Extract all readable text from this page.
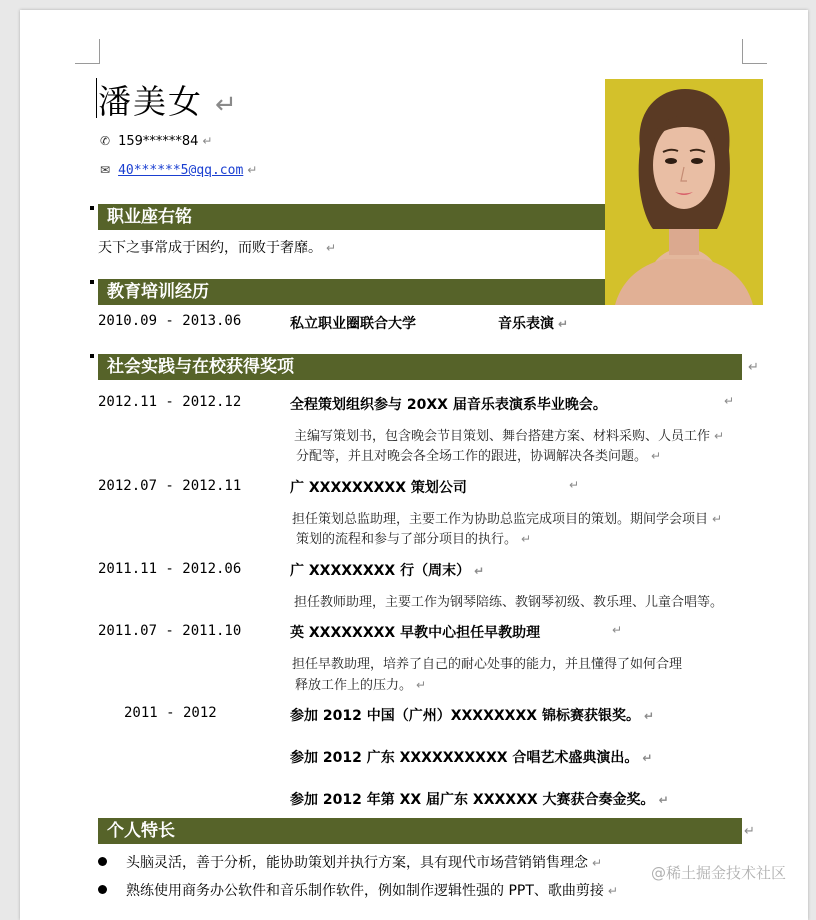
潘美女 ↵
✆ 159******84 ↵
✉ 40******5@qq.com ↵
职业座右铭
天下之事常成于困约，而败于奢靡。 ↵
教育培训经历
2010.09 - 2013.06	私立职业圈联合大学	音乐表演 ↵
社会实践与在校获得奖项	↵
2012.11 - 2012.12	全程策划组织参与 20XX 届音乐表演系毕业晚会。	↵
主编写策划书，包含晚会节目策划、舞台搭建方案、材料采购、人员工作 ↵
分配等，并且对晚会各全场工作的跟进，协调解决各类问题。 ↵
2012.07 - 2012.11	广 XXXXXXXXX 策划公司	↵
担任策划总监助理，主要工作为协助总监完成项目的策划。期间学会项目 ↵
策划的流程和参与了部分项目的执行。 ↵
2011.11 - 2012.06	广 XXXXXXXX 行（周末） ↵
担任教师助理，主要工作为钢琴陪练、教钢琴初级、教乐理、儿童合唱等。
2011.07 - 2011.10	英 XXXXXXXX 早教中心担任早教助理	↵
担任早教助理，培养了自己的耐心处事的能力，并且懂得了如何合理
释放工作上的压力。 ↵
2011 - 2012	参加 2012 中国（广州）XXXXXXXX 锦标赛获银奖。 ↵
参加 2012 广东 XXXXXXXXXX 合唱艺术盛典演出。 ↵
参加 2012 年第 XX 届广东 XXXXXX 大赛获合奏金奖。 ↵
个人特长	↵
头脑灵活，善于分析，能协助策划并执行方案，具有现代市场营销销售理念 ↵
熟练使用商务办公软件和音乐制作软件，例如制作逻辑性强的 PPT、歌曲剪接 ↵
@稀土掘金技术社区
